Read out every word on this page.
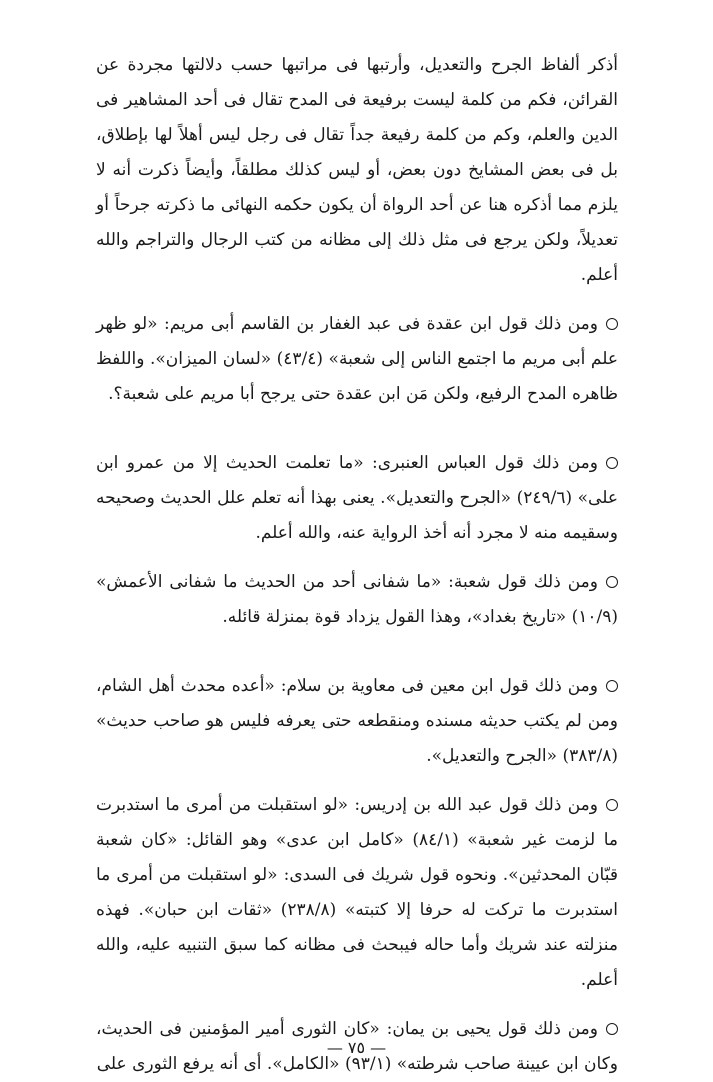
أذكر ألفاظ الجرح والتعديل، وأرتبها فى مراتبها حسب دلالتها مجردة عن القرائن، فكم من كلمة ليست برفيعة فى المدح تقال فى أحد المشاهير فى الدين والعلم، وكم من كلمة رفيعة جداً تقال فى رجل ليس أهلاً لها بإطلاق، بل فى بعض المشايخ دون بعض، أو ليس كذلك مطلقاً، وأيضاً ذكرت أنه لا يلزم مما أذكره هنا عن أحد الرواة أن يكون حكمه النهائى ما ذكرته جرحاً أو تعديلاً، ولكن يرجع فى مثل ذلك إلى مظانه من كتب الرجال والتراجم والله أعلم.

ومن ذلك قول ابن عقدة فى عبد الغفار بن القاسم أبى مريم: «لو ظهر علم أبى مريم ما اجتمع الناس إلى شعبة» (٤٣/٤) «لسان الميزان». واللفظ ظاهره المدح الرفيع، ولكن مَن ابن عقدة حتى يرجح أبا مريم على شعبة؟.

ومن ذلك قول العباس العنبرى: «ما تعلمت الحديث إلا من عمرو ابن على» (٢٤٩/٦) «الجرح والتعديل». يعنى بهذا أنه تعلم علل الحديث وصحيحه وسقيمه منه لا مجرد أنه أخذ الرواية عنه، والله أعلم.

ومن ذلك قول شعبة: «ما شفانى أحد من الحديث ما شفانى الأعمش» (١٠/٩) «تاريخ بغداد»، وهذا القول يزداد قوة بمنزلة قائله.

ومن ذلك قول ابن معين فى معاوية بن سلام: «أعده محدث أهل الشام، ومن لم يكتب حديثه مسنده ومنقطعه حتى يعرفه فليس هو صاحب حديث» (٣٨٣/٨) «الجرح والتعديل».

ومن ذلك قول عبد الله بن إدريس: «لو استقبلت من أمرى ما استدبرت ما لزمت غير شعبة» (٨٤/١) «كامل ابن عدى» وهو القائل: «كان شعبة قبّان المحدثين». ونحوه قول شريك فى السدى: «لو استقبلت من أمرى ما استدبرت ما تركت له حرفا إلا كتبته» (٢٣٨/٨) «ثقات ابن حبان». فهذه منزلته عند شريك وأما حاله فيبحث فى مظانه كما سبق التنبيه عليه، والله أعلم.

ومن ذلك قول يحيى بن يمان: «كان الثورى أمير المؤمنين فى الحديث، وكان ابن عيينة صاحب شرطته» (٩٣/١) «الكامل». أى أنه يرفع الثورى على

— ٧٥ —
